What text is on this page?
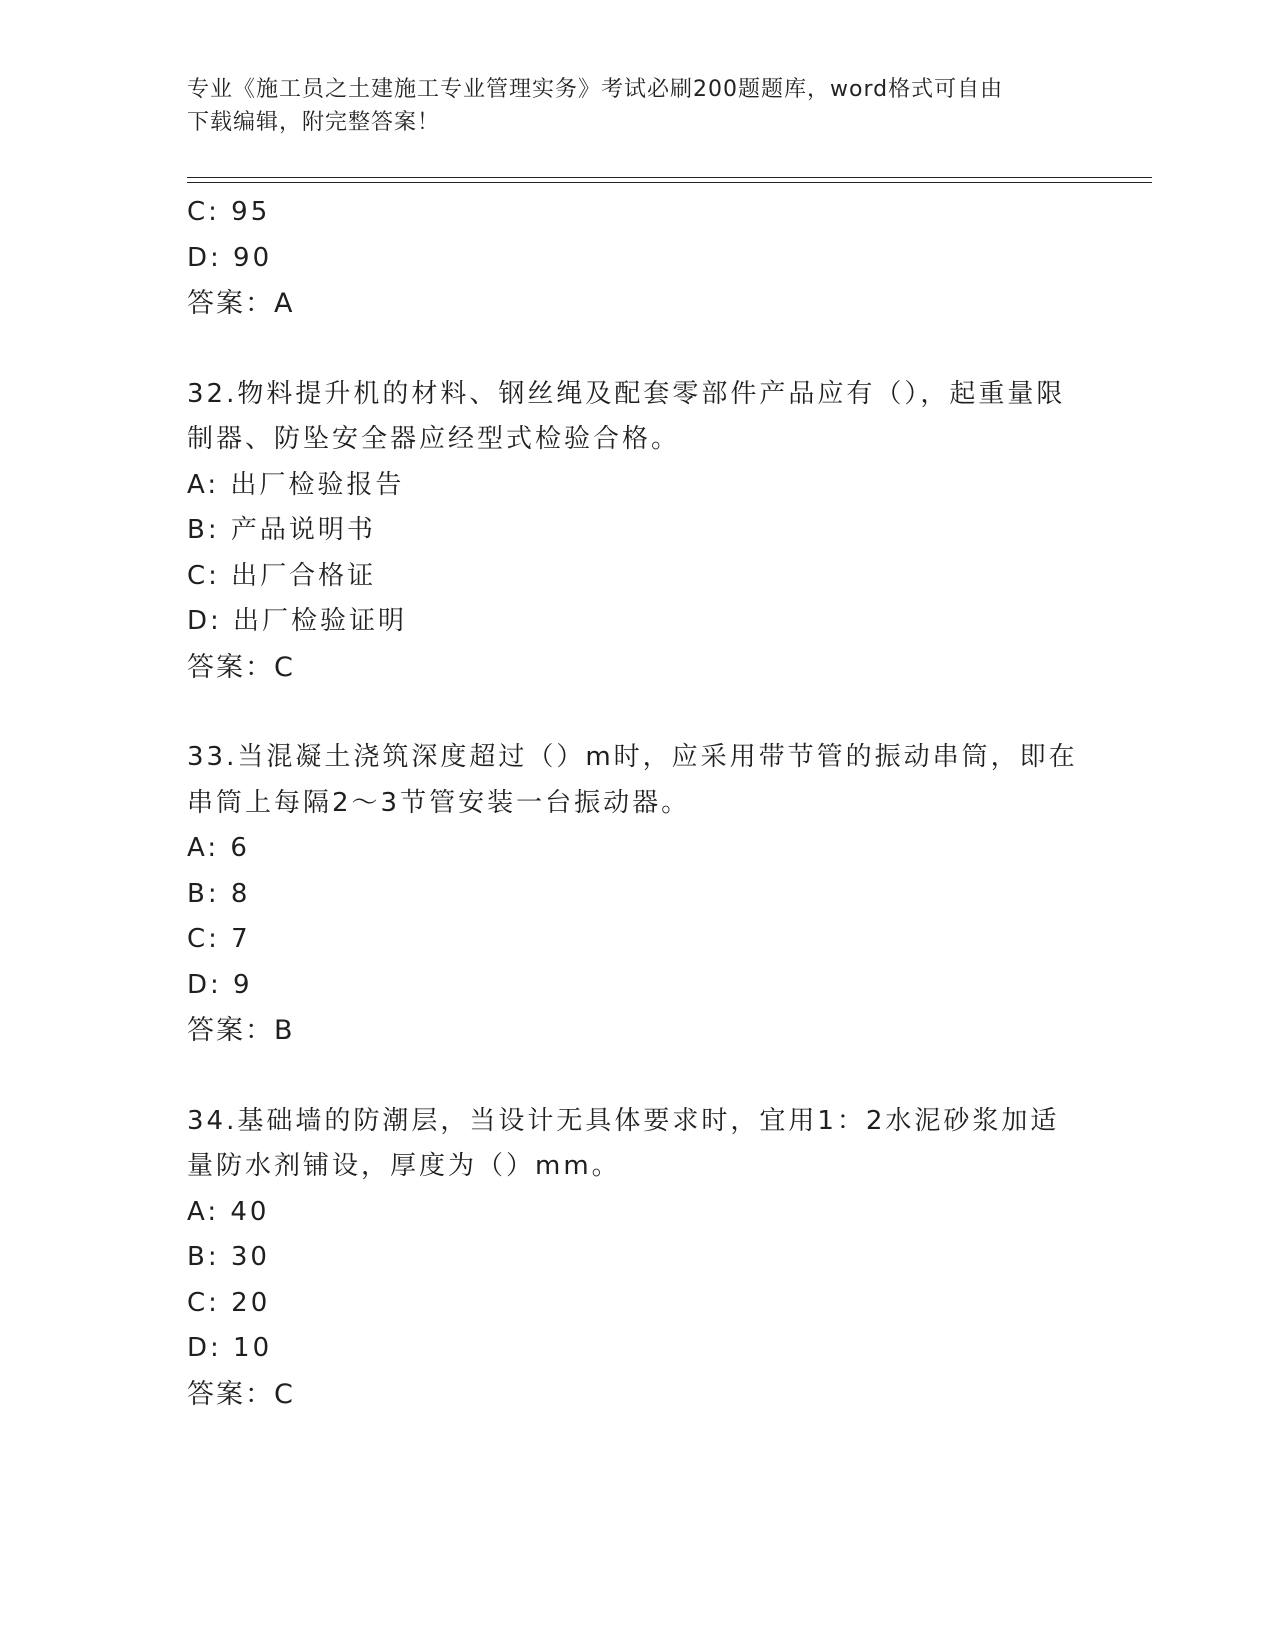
专业《施工员之土建施工专业管理实务》考试必刷200题题库，word格式可自由
下载编辑，附完整答案！
C: 95
D: 90
答案：A
32.物料提升机的材料、钢丝绳及配套零部件产品应有（），起重量限
制器、防坠安全器应经型式检验合格。
A: 出厂检验报告
B: 产品说明书
C: 出厂合格证
D: 出厂检验证明
答案：C
33.当混凝土浇筑深度超过（）m时，应采用带节管的振动串筒，即在
串筒上每隔2～3节管安装一台振动器。
A: 6
B: 8
C: 7
D: 9
答案：B
34.基础墙的防潮层，当设计无具体要求时，宜用1：2水泥砂浆加适
量防水剂铺设，厚度为（）mm。
A: 40
B: 30
C: 20
D: 10
答案：C
